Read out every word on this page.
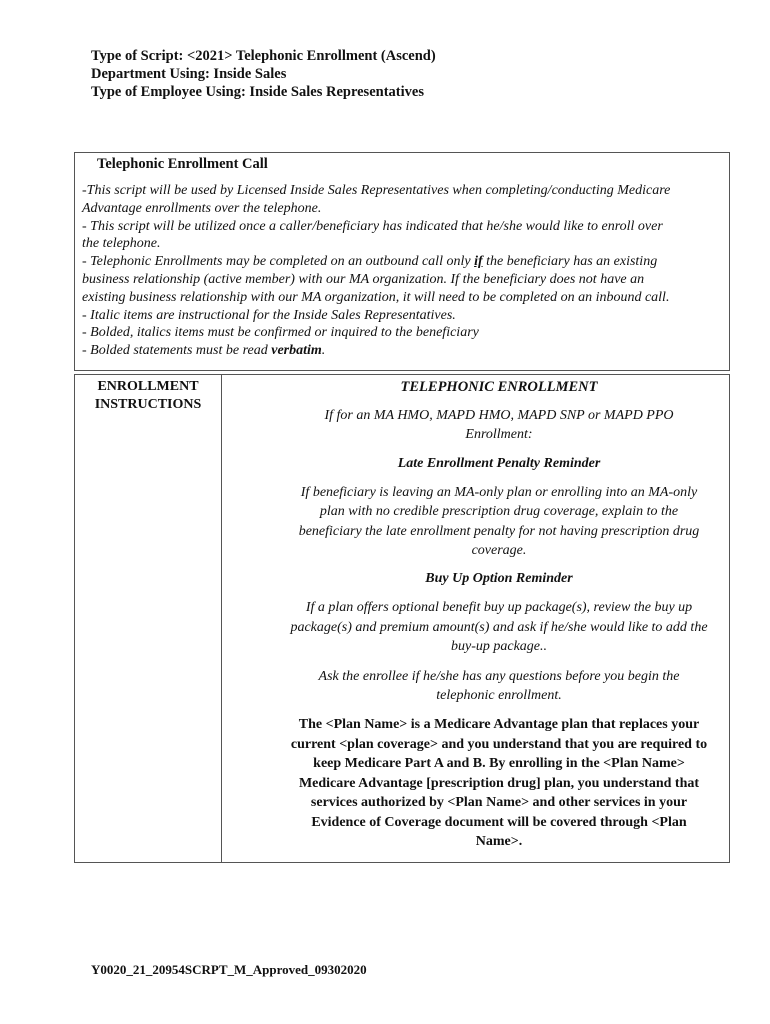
Type of Script: <2021> Telephonic Enrollment (Ascend)
Department Using: Inside Sales
Type of Employee Using: Inside Sales Representatives
Telephonic Enrollment Call
-This script will be used by Licensed Inside Sales Representatives when completing/conducting Medicare
Advantage enrollments over the telephone.
- This script will be utilized once a caller/beneficiary has indicated that he/she would like to enroll over
the telephone.
- Telephonic Enrollments may be completed on an outbound call only if the beneficiary has an existing
business relationship (active member) with our MA organization. If the beneficiary does not have an
existing business relationship with our MA organization, it will need to be completed on an inbound call.
- Italic items are instructional for the Inside Sales Representatives.
- Bolded, italics items must be confirmed or inquired to the beneficiary
- Bolded statements must be read verbatim.
ENROLLMENT
INSTRUCTIONS
TELEPHONIC ENROLLMENT
If for an MA HMO, MAPD HMO, MAPD SNP or MAPD PPO
Enrollment:
Late Enrollment Penalty Reminder
If beneficiary is leaving an MA-only plan or enrolling into an MA-only
plan with no credible prescription drug coverage, explain to the
beneficiary the late enrollment penalty for not having prescription drug
coverage.
Buy Up Option Reminder
If a plan offers optional benefit buy up package(s), review the buy up
package(s) and premium amount(s) and ask if he/she would like to add the
buy-up package..
Ask the enrollee if he/she has any questions before you begin the
telephonic enrollment.
The <Plan Name> is a Medicare Advantage plan that replaces your
current <plan coverage> and you understand that you are required to
keep Medicare Part A and B. By enrolling in the <Plan Name>
Medicare Advantage [prescription drug] plan, you understand that
services authorized by <Plan Name> and other services in your
Evidence of Coverage document will be covered through <Plan
Name>.
Y0020_21_20954SCRPT_M_Approved_09302020
